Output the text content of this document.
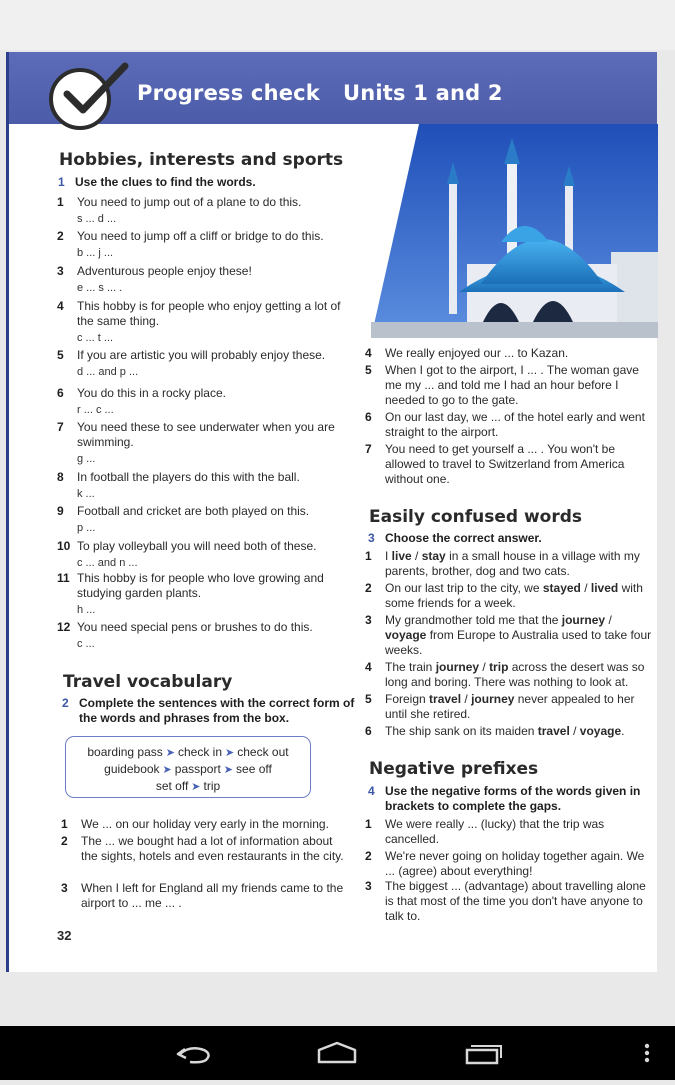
Progress check Units 1 and 2
Hobbies, interests and sports
1 Use the clues to find the words.
1 You need to jump out of a plane to do this.
s ... d ...
2 You need to jump off a cliff or bridge to do this.
b ... j ...
3 Adventurous people enjoy these!
e ... s ... .
4 This hobby is for people who enjoy getting a lot of the same thing.
c ... t ...
5 If you are artistic you will probably enjoy these.
d ... and p ...
6 You do this in a rocky place.
r ... c ...
7 You need these to see underwater when you are swimming.
g ...
8 In football the players do this with the ball.
k ...
9 Football and cricket are both played on this.
p ...
10 To play volleyball you will need both of these.
c ... and n ...
11 This hobby is for people who love growing and studying garden plants.
h ...
12 You need special pens or brushes to do this.
c ...
Travel vocabulary
2 Complete the sentences with the correct form of the words and phrases from the box.
boarding pass ➤ check in ➤ check out
guidebook ➤ passport ➤ see off
set off ➤ trip
1 We ... on our holiday very early in the morning.
2 The ... we bought had a lot of information about the sights, hotels and even restaurants in the city.
3 When I left for England all my friends came to the airport to ... me ... .
4 We really enjoyed our ... to Kazan.
5 When I got to the airport, I ... . The woman gave me my ... and told me I had an hour before I needed to go to the gate.
6 On our last day, we ... of the hotel early and went straight to the airport.
7 You need to get yourself a ... . You won't be allowed to travel to Switzerland from America without one.
Easily confused words
3 Choose the correct answer.
1 I live / stay in a small house in a village with my parents, brother, dog and two cats.
2 On our last trip to the city, we stayed / lived with some friends for a week.
3 My grandmother told me that the journey / voyage from Europe to Australia used to take four weeks.
4 The train journey / trip across the desert was so long and boring. There was nothing to look at.
5 Foreign travel / journey never appealed to her until she retired.
6 The ship sank on its maiden travel / voyage.
Negative prefixes
4 Use the negative forms of the words given in brackets to complete the gaps.
1 We were really ... (lucky) that the trip was cancelled.
2 We're never going on holiday together again. We ... (agree) about everything!
3 The biggest ... (advantage) about travelling alone is that most of the time you don't have anyone to talk to.
32
